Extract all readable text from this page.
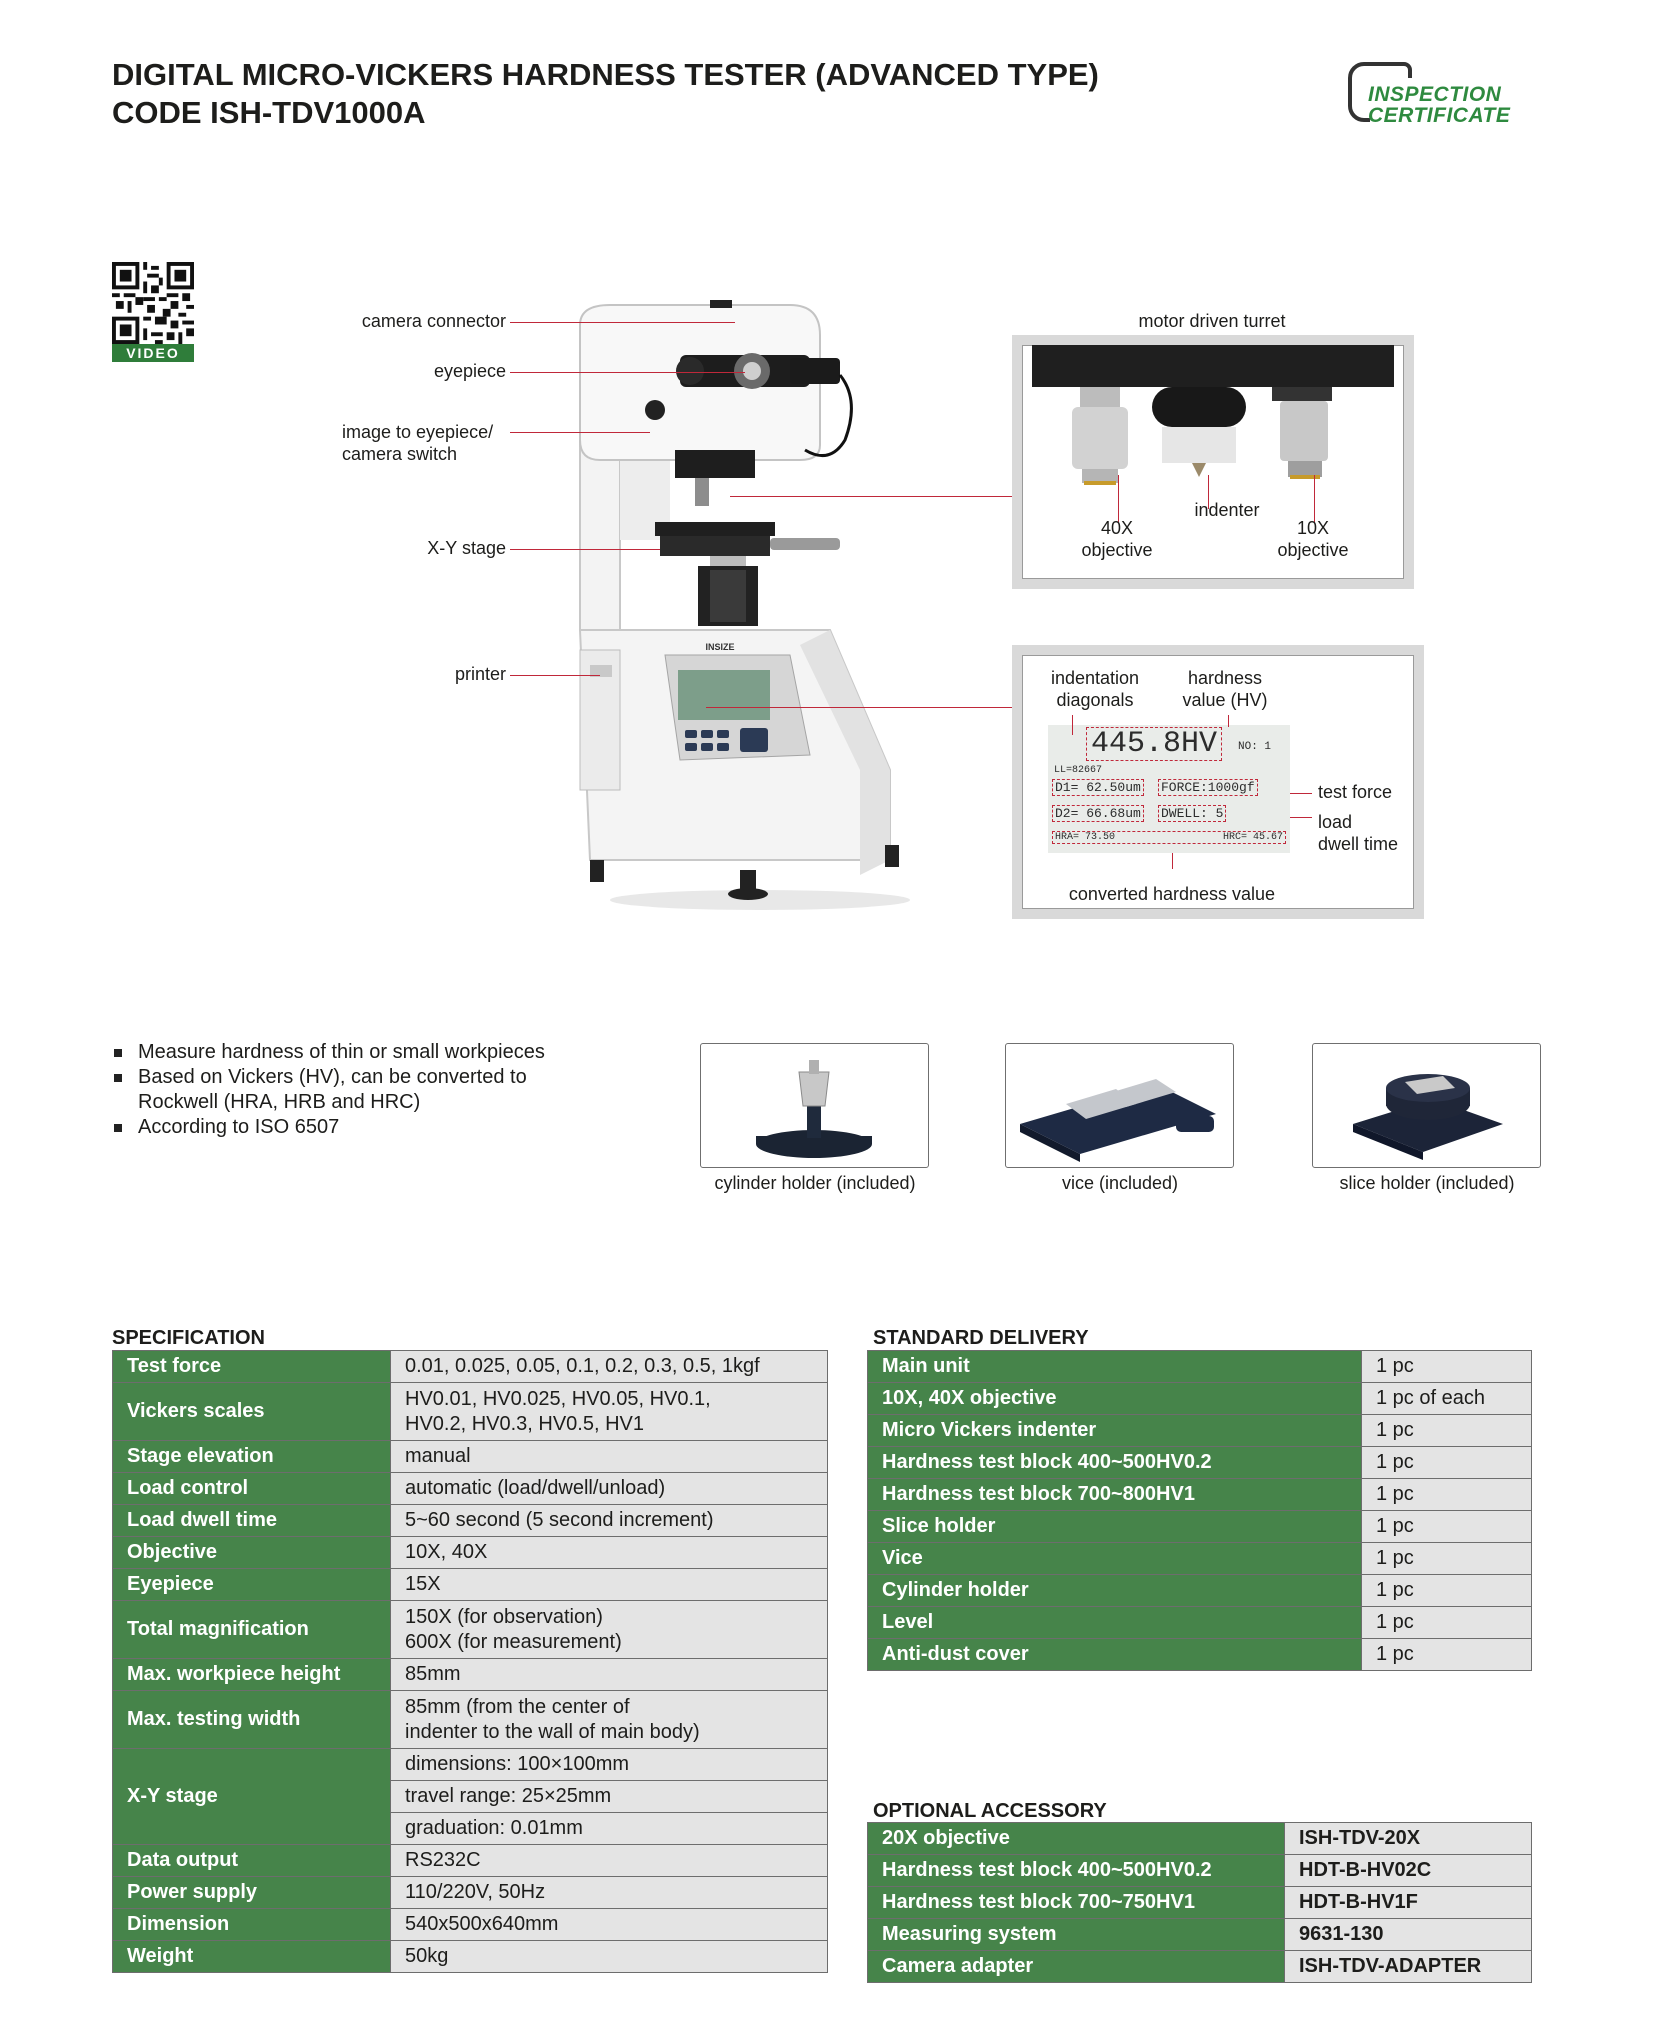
DIGITAL MICRO-VICKERS HARDNESS TESTER (ADVANCED TYPE)
CODE ISH-TDV1000A
INSPECTION
CERTIFICATE
VIDEO
INSIZE
camera connector
eyepiece
image to eyepiece/
camera switch
X-Y stage
printer
motor driven turret
indenter
40X
objective
10X
objective
indentation
diagonals
hardness
value (HV)
445.8HV	NO: 1
LL=82667
D1= 62.50um FORCE:1000gf
D2= 66.68um DWELL: 5
HRA= 73.50	HRC= 45.67
test force
load
dwell time
converted hardness value
Measure hardness of thin or small workpieces
Based on Vickers (HV), can be converted to
Rockwell (HRA, HRB and HRC)
According to ISO 6507
cylinder holder (included)	vice (included)	slice holder (included)
SPECIFICATION
Test force	0.01, 0.025, 0.05, 0.1, 0.2, 0.3, 0.5, 1kgf
Vickers scales	HV0.01, HV0.025, HV0.05, HV0.1,
HV0.2, HV0.3, HV0.5, HV1

Stage elevation	manual
Load control	automatic (load/dwell/unload)
Load dwell time	5~60 second (5 second increment)
Objective	10X, 40X
Eyepiece	15X
Total magnification	150X (for observation)
600X (for measurement)

Max. workpiece height	85mm
Max. testing width	85mm (from the center of
indenter to the wall of main body)

X-Y stage	dimensions: 100×100mm
	travel range: 25×25mm
	graduation: 0.01mm
Data output	RS232C
Power supply	110/220V, 50Hz
Dimension	540x500x640mm
Weight	50kg
STANDARD DELIVERY
Main unit	1 pc
10X, 40X objective	1 pc of each
Micro Vickers indenter	1 pc
Hardness test block 400~500HV0.2	1 pc
Hardness test block 700~800HV1	1 pc
Slice holder	1 pc
Vice	1 pc
Cylinder holder	1 pc
Level	1 pc
Anti-dust cover	1 pc
OPTIONAL ACCESSORY
20X objective	ISH-TDV-20X
Hardness test block 400~500HV0.2	HDT-B-HV02C
Hardness test block 700~750HV1	HDT-B-HV1F
Measuring system	9631-130
Camera adapter	ISH-TDV-ADAPTER
